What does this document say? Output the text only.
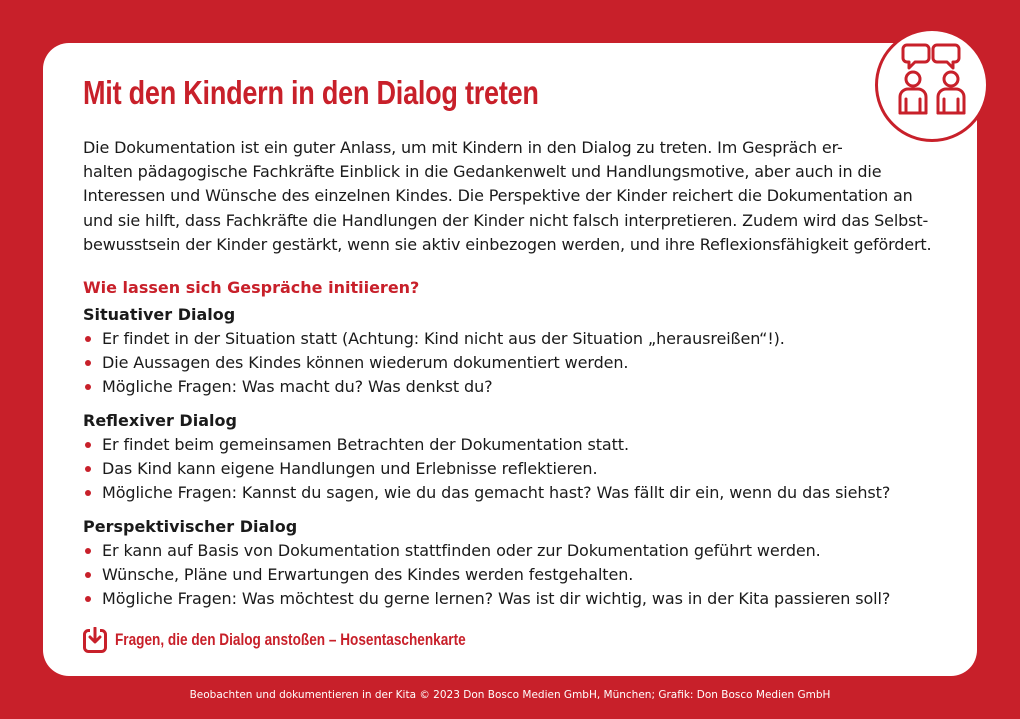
Mit den Kindern in den Dialog treten

Die Dokumentation ist ein guter Anlass, um mit Kindern in den Dialog zu treten. Im Gespräch er-
halten pädagogische Fachkräfte Einblick in die Gedankenwelt und Handlungsmotive, aber auch in die
Interessen und Wünsche des einzelnen Kindes. Die Perspektive der Kinder reichert die Dokumentation an
und sie hilft, dass Fachkräfte die Handlungen der Kinder nicht falsch interpretieren. Zudem wird das Selbst-
bewusstsein der Kinder gestärkt, wenn sie aktiv einbezogen werden, und ihre Reflexionsfähigkeit gefördert.

Wie lassen sich Gespräche initiieren?
Situativer Dialog
Er findet in der Situation statt (Achtung: Kind nicht aus der Situation „herausreißen“!).
Die Aussagen des Kindes können wiederum dokumentiert werden.
Mögliche Fragen: Was macht du? Was denkst du?
Reflexiver Dialog
Er findet beim gemeinsamen Betrachten der Dokumentation statt.
Das Kind kann eigene Handlungen und Erlebnisse reflektieren.
Mögliche Fragen: Kannst du sagen, wie du das gemacht hast? Was fällt dir ein, wenn du das siehst?
Perspektivischer Dialog
Er kann auf Basis von Dokumentation stattfinden oder zur Dokumentation geführt werden.
Wünsche, Pläne und Erwartungen des Kindes werden festgehalten.
Mögliche Fragen: Was möchtest du gerne lernen? Was ist dir wichtig, was in der Kita passieren soll?
Fragen, die den Dialog anstoßen – Hosentaschenkarte
Beobachten und dokumentieren in der Kita © 2023 Don Bosco Medien GmbH, München; Grafik: Don Bosco Medien GmbH
